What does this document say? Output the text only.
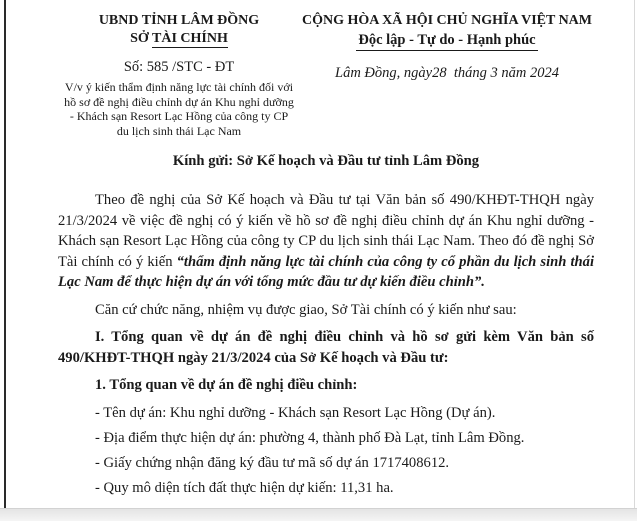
UBND TỈNH LÂM ĐỒNG
SỞ TÀI CHÍNH
Số: 585 /STC - ĐT
V/v ý kiến thẩm định năng lực tài chính đối với hồ sơ đề nghị điều chỉnh dự án Khu nghỉ dưỡng - Khách sạn Resort Lạc Hồng của công ty CP du lịch sinh thái Lạc Nam
CỘNG HÒA XÃ HỘI CHỦ NGHĨA VIỆT NAM
Độc lập - Tự do - Hạnh phúc
Lâm Đồng, ngày28  tháng 3 năm 2024
Kính gửi: Sở Kế hoạch và Đầu tư tỉnh Lâm Đồng

Theo đề nghị của Sở Kế hoạch và Đầu tư tại Văn bản số 490/KHĐT-THQH ngày 21/3/2024 về việc đề nghị có ý kiến về hồ sơ đề nghị điều chỉnh dự án Khu nghỉ dưỡng - Khách sạn Resort Lạc Hồng của công ty CP du lịch sinh thái Lạc Nam. Theo đó đề nghị Sở Tài chính có ý kiến “thẩm định năng lực tài chính của công ty cổ phần du lịch sinh thái Lạc Nam để thực hiện dự án với tổng mức đầu tư dự kiến điều chỉnh”.

Căn cứ chức năng, nhiệm vụ được giao, Sở Tài chính có ý kiến như sau:

I. Tổng quan về dự án đề nghị điều chỉnh và hồ sơ gửi kèm Văn bản số 490/KHĐT-THQH ngày 21/3/2024 của Sở Kế hoạch và Đầu tư:

1. Tổng quan về dự án đề nghị điều chỉnh:

- Tên dự án: Khu nghỉ dưỡng - Khách sạn Resort Lạc Hồng (Dự án).

- Địa điểm thực hiện dự án: phường 4, thành phố Đà Lạt, tỉnh Lâm Đồng.

- Giấy chứng nhận đăng ký đầu tư mã số dự án 1717408612.

- Quy mô diện tích đất thực hiện dự kiến: 11,31 ha.
